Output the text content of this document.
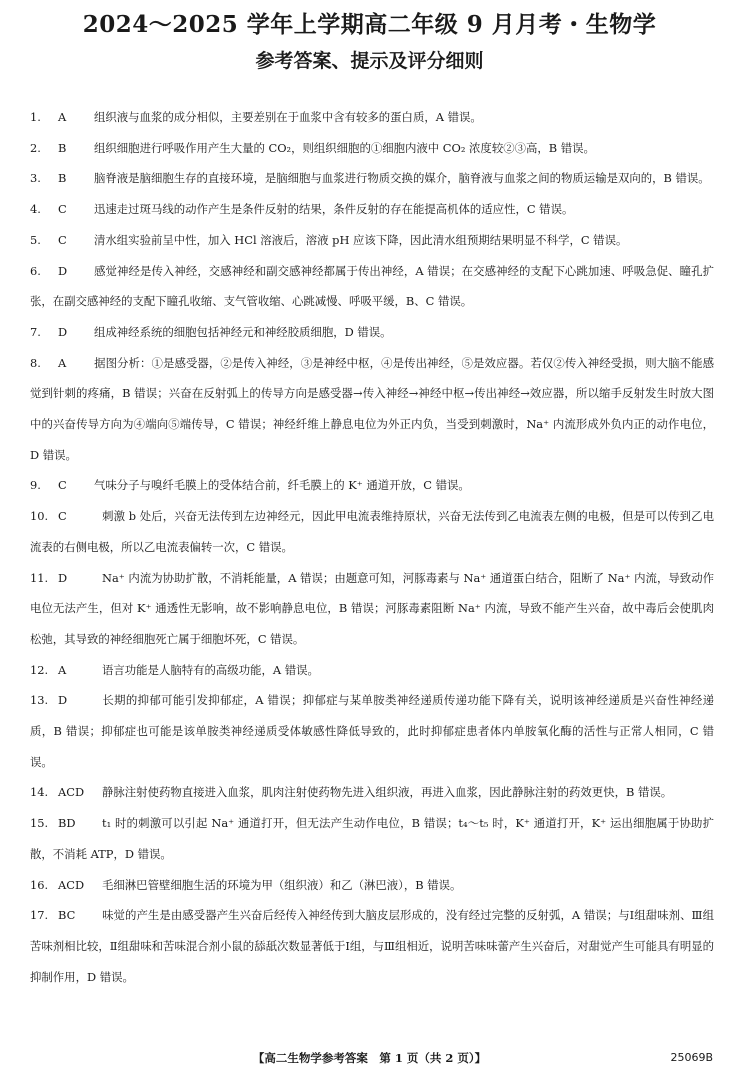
2024～2025 学年上学期高二年级 9 月月考・生物学
参考答案、提示及评分细则
1. A 组织液与血浆的成分相似，主要差别在于血浆中含有较多的蛋白质，A 错误。
2. B 组织细胞进行呼吸作用产生大量的 CO₂，则组织细胞的①细胞内液中 CO₂ 浓度较②③高，B 错误。
3. B 脑脊液是脑细胞生存的直接环境，是脑细胞与血浆进行物质交换的媒介，脑脊液与血浆之间的物质运输是双向的，B 错误。
4. C 迅速走过斑马线的动作产生是条件反射的结果，条件反射的存在能提高机体的适应性，C 错误。
5. C 清水组实验前呈中性，加入 HCl 溶液后，溶液 pH 应该下降，因此清水组预期结果明显不科学，C 错误。
6. D 感觉神经是传入神经，交感神经和副交感神经都属于传出神经，A 错误；在交感神经的支配下心跳加速、呼吸急促、瞳孔扩张，在副交感神经的支配下瞳孔收缩、支气管收缩、心跳减慢、呼吸平缓，B、C 错误。
7. D 组成神经系统的细胞包括神经元和神经胶质细胞，D 错误。
8. A 据图分析：①是感受器，②是传入神经，③是神经中枢，④是传出神经，⑤是效应器。若仅②传入神经受损，则大脑不能感觉到针刺的疼痛，B 错误；兴奋在反射弧上的传导方向是感受器→传入神经→神经中枢→传出神经→效应器，所以缩手反射发生时放大图中的兴奋传导方向为④端向⑤端传导，C 错误；神经纤维上静息电位为外正内负，当受到刺激时，Na⁺ 内流形成外负内正的动作电位，D 错误。
9. C 气味分子与嗅纤毛膜上的受体结合前，纤毛膜上的 K⁺ 通道开放，C 错误。
10. C	刺激 b 处后，兴奋无法传到左边神经元，因此甲电流表维持原状，兴奋无法传到乙电流表左侧的电极，但是可以传到乙电流表的右侧电极，所以乙电流表偏转一次，C 错误。
11. D	Na⁺ 内流为协助扩散，不消耗能量，A 错误；由题意可知，河豚毒素与 Na⁺ 通道蛋白结合，阻断了 Na⁺ 内流，导致动作电位无法产生，但对 K⁺ 通透性无影响，故不影响静息电位，B 错误；河豚毒素阻断 Na⁺ 内流，导致不能产生兴奋，故中毒后会使肌肉松弛，其导致的神经细胞死亡属于细胞坏死，C 错误。
12. A	语言功能是人脑特有的高级功能，A 错误。
13. D	长期的抑郁可能引发抑郁症，A 错误；抑郁症与某单胺类神经递质传递功能下降有关，说明该神经递质是兴奋性神经递质，B 错误；抑郁症也可能是该单胺类神经递质受体敏感性降低导致的，此时抑郁症患者体内单胺氧化酶的活性与正常人相同，C 错误。
14. ACD 静脉注射使药物直接进入血浆，肌肉注射使药物先进入组织液，再进入血浆，因此静脉注射的药效更快，B 错误。
15. BD t₁ 时的刺激可以引起 Na⁺ 通道打开，但无法产生动作电位，B 错误；t₄～t₅ 时，K⁺ 通道打开，K⁺ 运出细胞属于协助扩散，不消耗 ATP，D 错误。
16. ACD 毛细淋巴管壁细胞生活的环境为甲（组织液）和乙（淋巴液），B 错误。
17. BC 味觉的产生是由感受器产生兴奋后经传入神经传到大脑皮层形成的，没有经过完整的反射弧，A 错误；与Ⅰ组甜味剂、Ⅲ组苦味剂相比较，Ⅱ组甜味和苦味混合剂小鼠的舔舐次数显著低于Ⅰ组，与Ⅲ组相近，说明苦味味蕾产生兴奋后，对甜觉产生可能具有明显的抑制作用，D 错误。
【高二生物学参考答案　第 1 页（共 2 页）】	25069B
